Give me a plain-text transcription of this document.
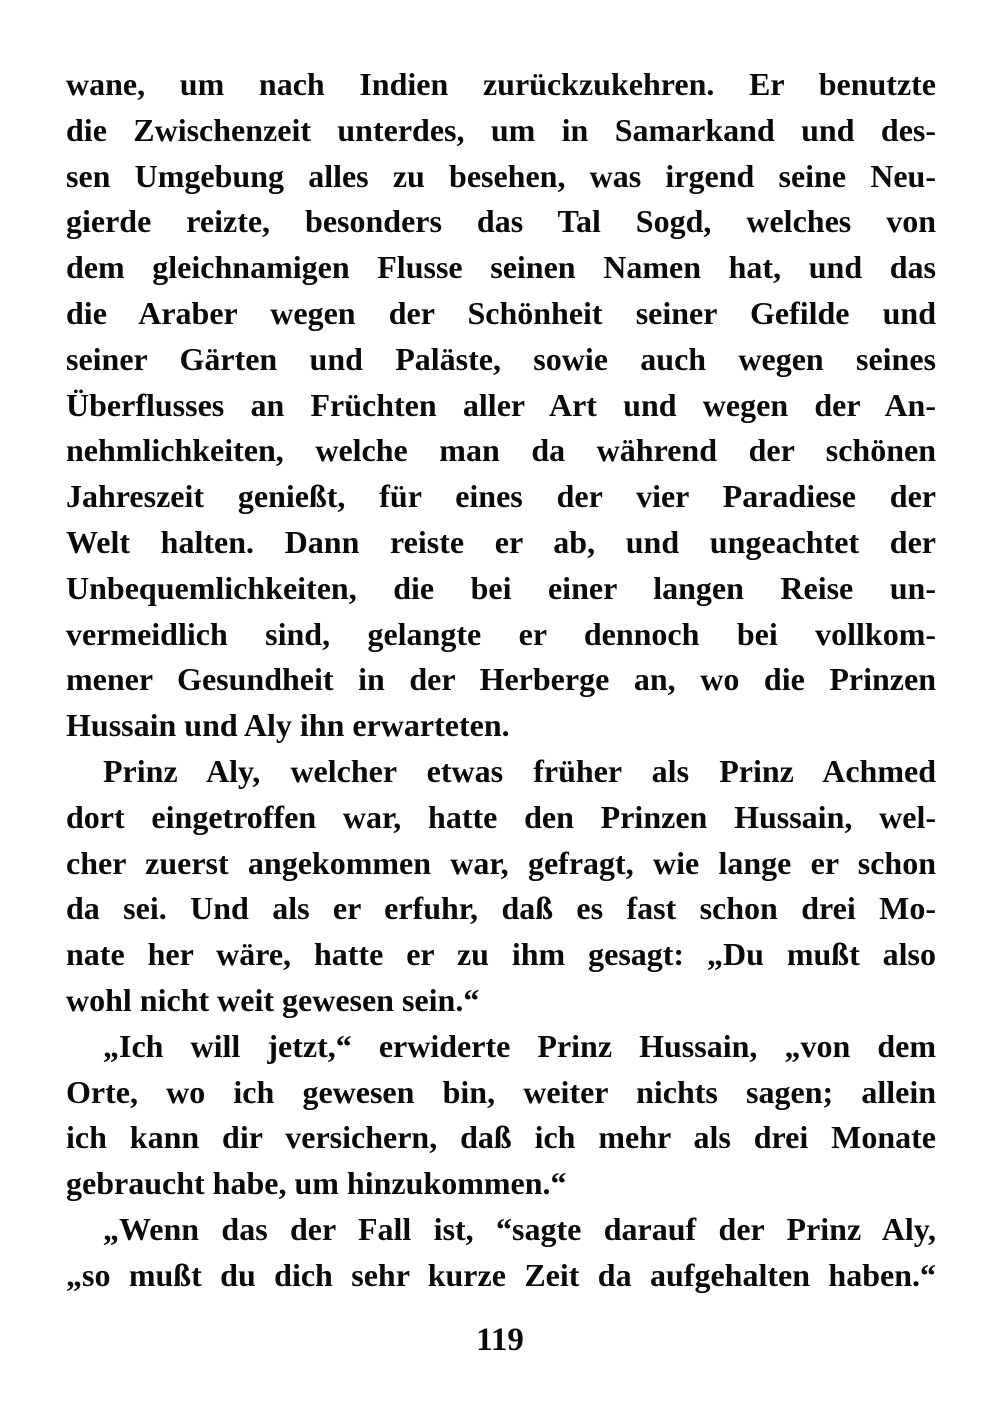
wane, um nach Indien zurückzukehren. Er benutzte
die Zwischenzeit unterdes, um in Samarkand und des-
sen Umgebung alles zu besehen, was irgend seine Neu-
gierde reizte, besonders das Tal Sogd, welches von
dem gleichnamigen Flusse seinen Namen hat, und das
die Araber wegen der Schönheit seiner Gefilde und
seiner Gärten und Paläste, sowie auch wegen seines
Überflusses an Früchten aller Art und wegen der An-
nehmlichkeiten, welche man da während der schönen
Jahreszeit genießt, für eines der vier Paradiese der
Welt halten. Dann reiste er ab, und ungeachtet der
Unbequemlichkeiten, die bei einer langen Reise un-
vermeidlich sind, gelangte er dennoch bei vollkom-
mener Gesundheit in der Herberge an, wo die Prinzen
Hussain und Aly ihn erwarteten.
Prinz Aly, welcher etwas früher als Prinz Achmed
dort eingetroffen war, hatte den Prinzen Hussain, wel-
cher zuerst angekommen war, gefragt, wie lange er schon
da sei. Und als er erfuhr, daß es fast schon drei Mo-
nate her wäre, hatte er zu ihm gesagt: „Du mußt also
wohl nicht weit gewesen sein.“
„Ich will jetzt,“ erwiderte Prinz Hussain, „von dem
Orte, wo ich gewesen bin, weiter nichts sagen; allein
ich kann dir versichern, daß ich mehr als drei Monate
gebraucht habe, um hinzukommen.“
„Wenn das der Fall ist, “sagte darauf der Prinz Aly,
„so mußt du dich sehr kurze Zeit da aufgehalten haben.“
119
